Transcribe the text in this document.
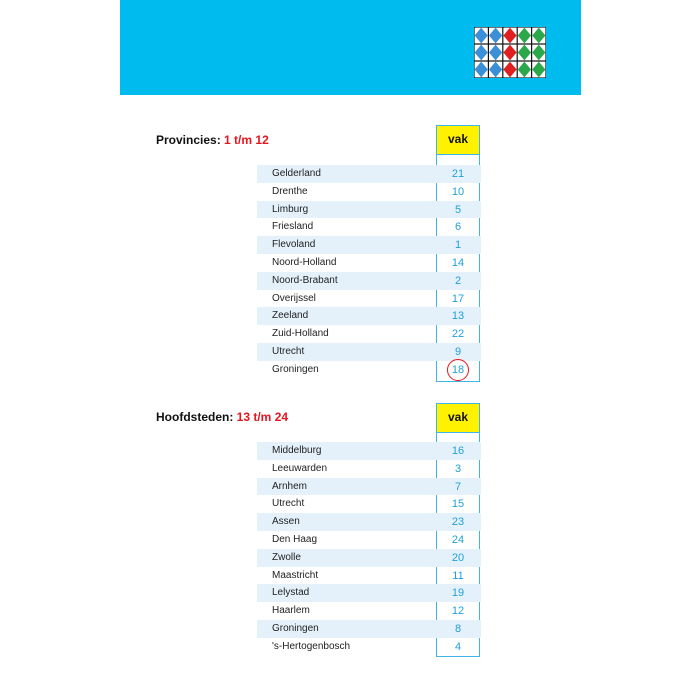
Provincies: 1 t/m 12	vak
Gelderland
Drenthe
Limburg
Friesland
Flevoland
Noord-Holland
Noord-Brabant
Overijssel
Zeeland
Zuid-Holland
Utrecht
Groningen
Hoofdsteden: 13 t/m 24	vak
Middelburg
Leeuwarden
Arnhem
Utrecht
Assen
Den Haag
Zwolle
Maastricht
Lelystad
Haarlem
Groningen
's-Hertogenbosch
21
10
5
6
1
14
2
17
13
22
9
18
16
3
7
15
23
24
20
11
19
12
8
4
